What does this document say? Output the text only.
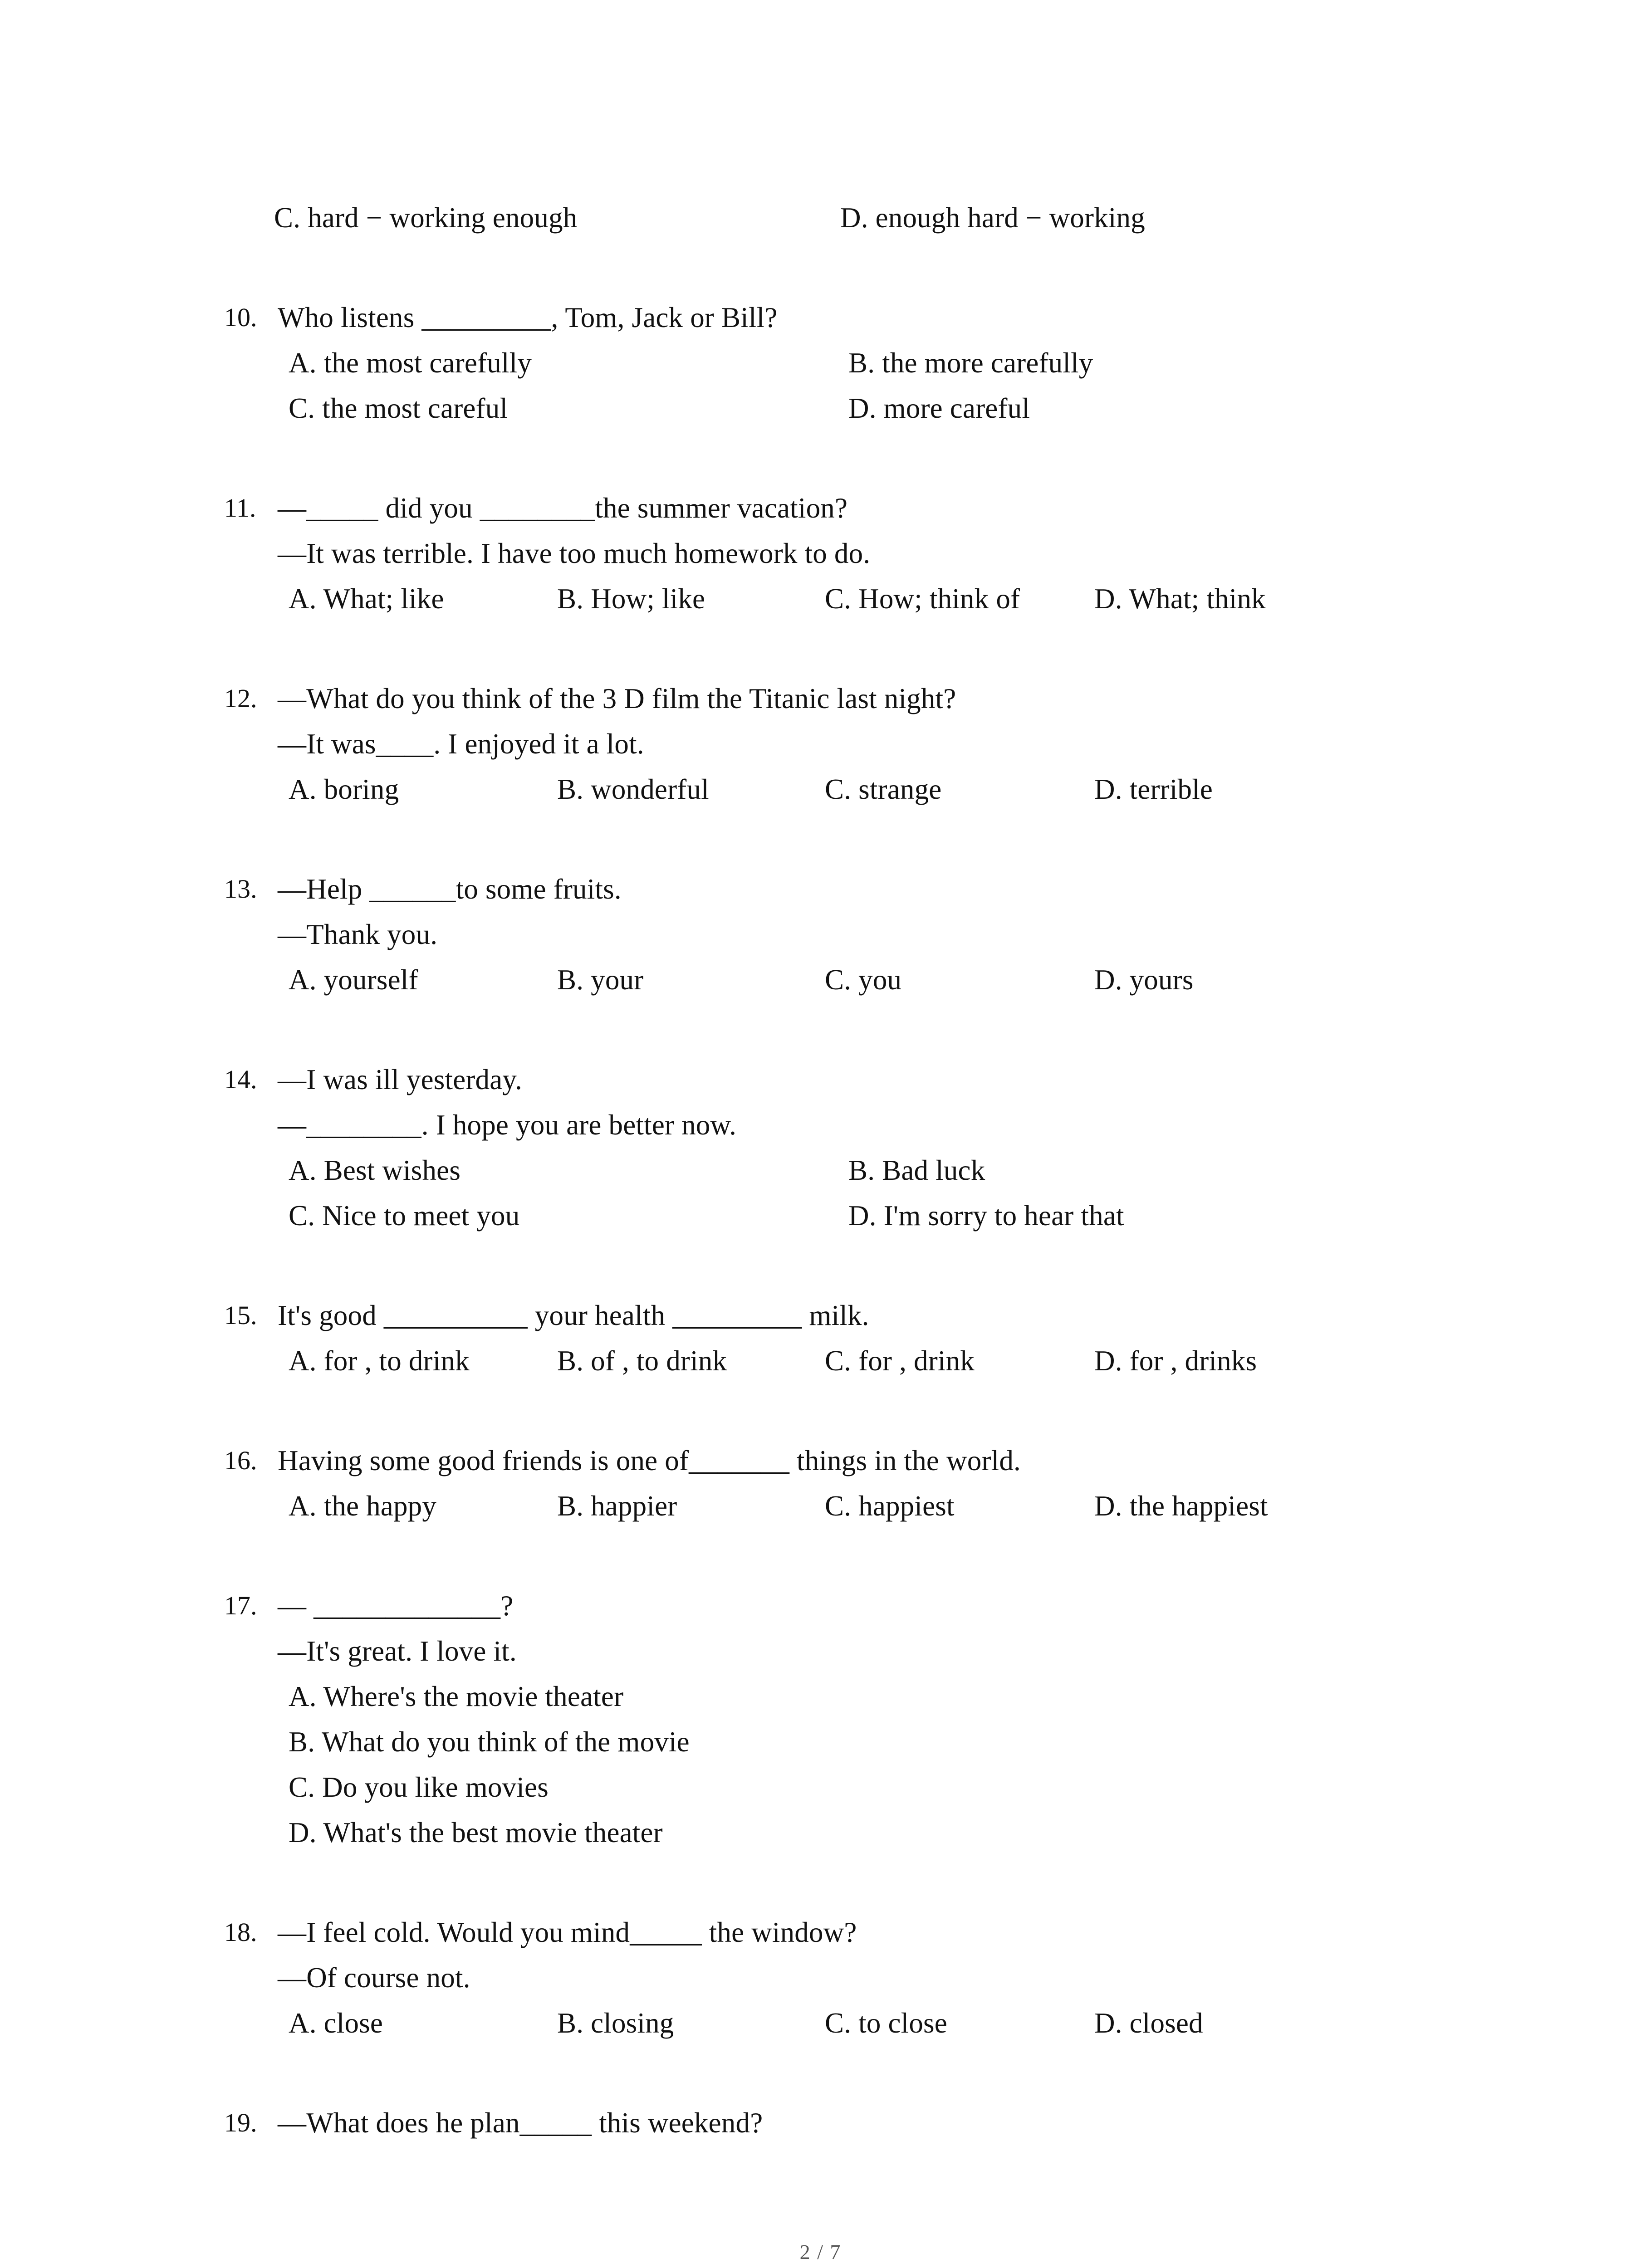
C. hard − working enough	D. enough hard − working
Who listens _________, Tom, Jack or Bill?
A. the most carefully	B. the more carefully
C. the most careful	D. more careful
—_____ did you ________the summer vacation?
—It was terrible. I have too much homework to do.
A. What; like	B. How; like	C. How; think of	D. What; think
—What do you think of the 3 D film the Titanic last night?
—It was____. I enjoyed it a lot.
A. boring	B. wonderful	C. strange	D. terrible
—Help ______to some fruits.
—Thank you.
A. yourself	B. your	C. you	D. yours
—I was ill yesterday.
—________. I hope you are better now.
A. Best wishes	B. Bad luck
C. Nice to meet you	D. I'm sorry to hear that
It's good __________ your health _________ milk.
A. for , to drink	B. of , to drink	C. for , drink	D. for , drinks
Having some good friends is one of_______ things in the world.
A. the happy	B. happier	C. happiest	D. the happiest
— _____________?
—It's great. I love it.
A. Where's the movie theater
B. What do you think of the movie
C. Do you like movies
D. What's the best movie theater
—I feel cold. Would you mind_____ the window?
—Of course not.
A. close	B. closing	C. to close	D. closed
—What does he plan_____ this weekend?
10.
11.
12.
13.
14.
15.
16.
17.
18.
19.
2 / 7
